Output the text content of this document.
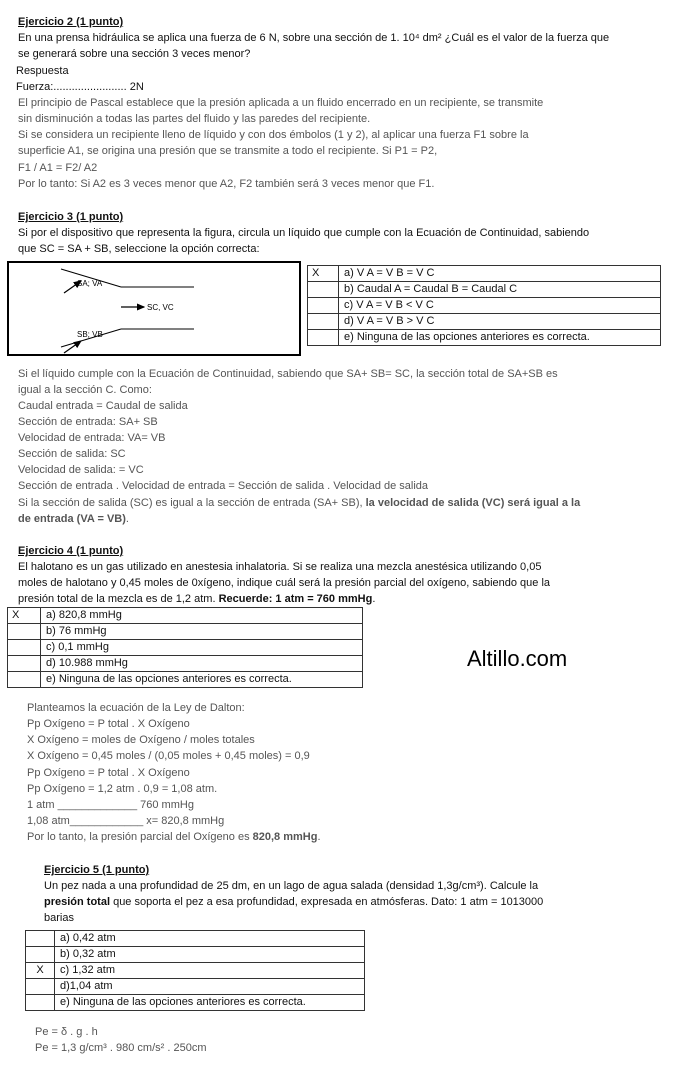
Ejercicio 2 (1 punto)
En una prensa hidráulica se aplica una fuerza de 6 N, sobre una sección de 1. 10⁴ dm² ¿Cuál es el valor de la fuerza que
se generará sobre una sección 3 veces menor?
Respuesta
Fuerza:........................ 2N
El principio de Pascal establece que la presión aplicada a un fluido encerrado en un recipiente, se transmite
sin disminución a todas las partes del fluido y las paredes del recipiente.
Si se considera un recipiente lleno de líquido y con dos émbolos (1 y 2), al aplicar una fuerza F1 sobre la
superficie A1, se origina una presión que se transmite a todo el recipiente. Si P1 = P2,
F1 / A1 = F2/ A2
Por lo tanto: Si A2 es 3 veces menor que A2, F2 también será 3 veces menor que F1.
Ejercicio 3 (1 punto)
Si por el dispositivo que representa la figura, circula un líquido que cumple con la Ecuación de Continuidad, sabiendo
que SC = SA + SB, seleccione la opción correcta:
SA; VA
SB; VB
SC, VC
X	a) V A = V B = V C
	b) Caudal A = Caudal B = Caudal C
	c) V A = V B < V C
	d) V A = V B > V C
	e) Ninguna de las opciones anteriores es correcta.
Si el líquido cumple con la Ecuación de Continuidad, sabiendo que SA+ SB= SC, la sección total de SA+SB es
igual a la sección C. Como:
Caudal entrada = Caudal de salida
Sección de entrada: SA+ SB
Velocidad de entrada: VA= VB
Sección de salida: SC
Velocidad de salida: = VC
Sección de entrada . Velocidad de entrada = Sección de salida . Velocidad de salida
Si la sección de salida (SC) es igual a la sección de entrada (SA+ SB), la velocidad de salida (VC) será igual a la
de entrada (VA = VB).
Ejercicio 4 (1 punto)
El halotano es un gas utilizado en anestesia inhalatoria. Si se realiza una mezcla anestésica utilizando 0,05
moles de halotano y 0,45 moles de 0xígeno, indique cuál será la presión parcial del oxígeno, sabiendo que la
presión total de la mezcla es de 1,2 atm. Recuerde: 1 atm = 760 mmHg.
X	a) 820,8 mmHg
	b) 76 mmHg
	c) 0,1 mmHg
	d) 10.988 mmHg
	e) Ninguna de las opciones anteriores es correcta.
Altillo.com
Planteamos la ecuación de la Ley de Dalton:
Pp Oxígeno = P total . X Oxígeno
X Oxígeno = moles de Oxígeno / moles totales
X Oxígeno = 0,45 moles / (0,05 moles + 0,45 moles) = 0,9
Pp Oxígeno = P total . X Oxígeno
Pp Oxígeno = 1,2 atm . 0,9 = 1,08 atm.
1 atm _____________ 760 mmHg
1,08 atm____________ x= 820,8 mmHg
Por lo tanto, la presión parcial del Oxígeno es 820,8 mmHg.
Ejercicio 5 (1 punto)
Un pez nada a una profundidad de 25 dm, en un lago de agua salada (densidad 1,3g/cm³). Calcule la
presión total que soporta el pez a esa profundidad, expresada en atmósferas. Dato: 1 atm = 1013000
barias
	a) 0,42 atm
	b) 0,32 atm
X	c) 1,32 atm
	d)1,04 atm
	e) Ninguna de las opciones anteriores es correcta.
Pe = δ . g . h
Pe = 1,3 g/cm³ . 980 cm/s² . 250cm
